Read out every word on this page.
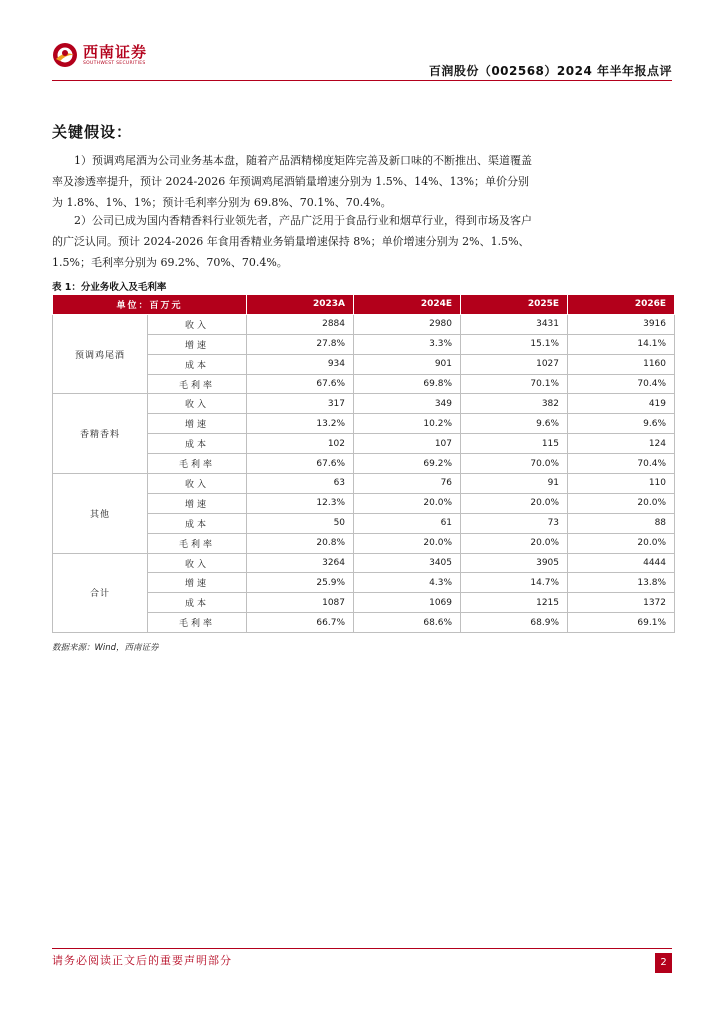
西南证券
SOUTHWEST SECURITIES
百润股份（002568）2024 年半年报点评
关键假设：
1）预调鸡尾酒为公司业务基本盘，随着产品酒精梯度矩阵完善及新口味的不断推出、渠道覆盖率及渗透率提升，预计 2024-2026 年预调鸡尾酒销量增速分别为 1.5%、14%、13%；单价分别为 1.8%、1%、1%；预计毛利率分别为 69.8%、70.1%、70.4%。
2）公司已成为国内香精香料行业领先者，产品广泛用于食品行业和烟草行业，得到市场及客户的广泛认同。预计 2024-2026 年食用香精业务销量增速保持 8%；单价增速分别为 2%、1.5%、1.5%；毛利率分别为 69.2%、70%、70.4%。
表 1：分业务收入及毛利率
单位：百万元		2023A	2024E	2025E	2026E
预调鸡尾酒	收入	2884	2980	3431	3916
	增速	27.8%	3.3%	15.1%	14.1%
	成本	934	901	1027	1160
	毛利率	67.6%	69.8%	70.1%	70.4%
香精香料	收入	317	349	382	419
	增速	13.2%	10.2%	9.6%	9.6%
	成本	102	107	115	124
	毛利率	67.6%	69.2%	70.0%	70.4%
其他	收入	63	76	91	110
	增速	12.3%	20.0%	20.0%	20.0%
	成本	50	61	73	88
	毛利率	20.8%	20.0%	20.0%	20.0%
合计	收入	3264	3405	3905	4444
	增速	25.9%	4.3%	14.7%	13.8%
	成本	1087	1069	1215	1372
	毛利率	66.7%	68.6%	68.9%	69.1%
数据来源：Wind，西南证券
请务必阅读正文后的重要声明部分	2
